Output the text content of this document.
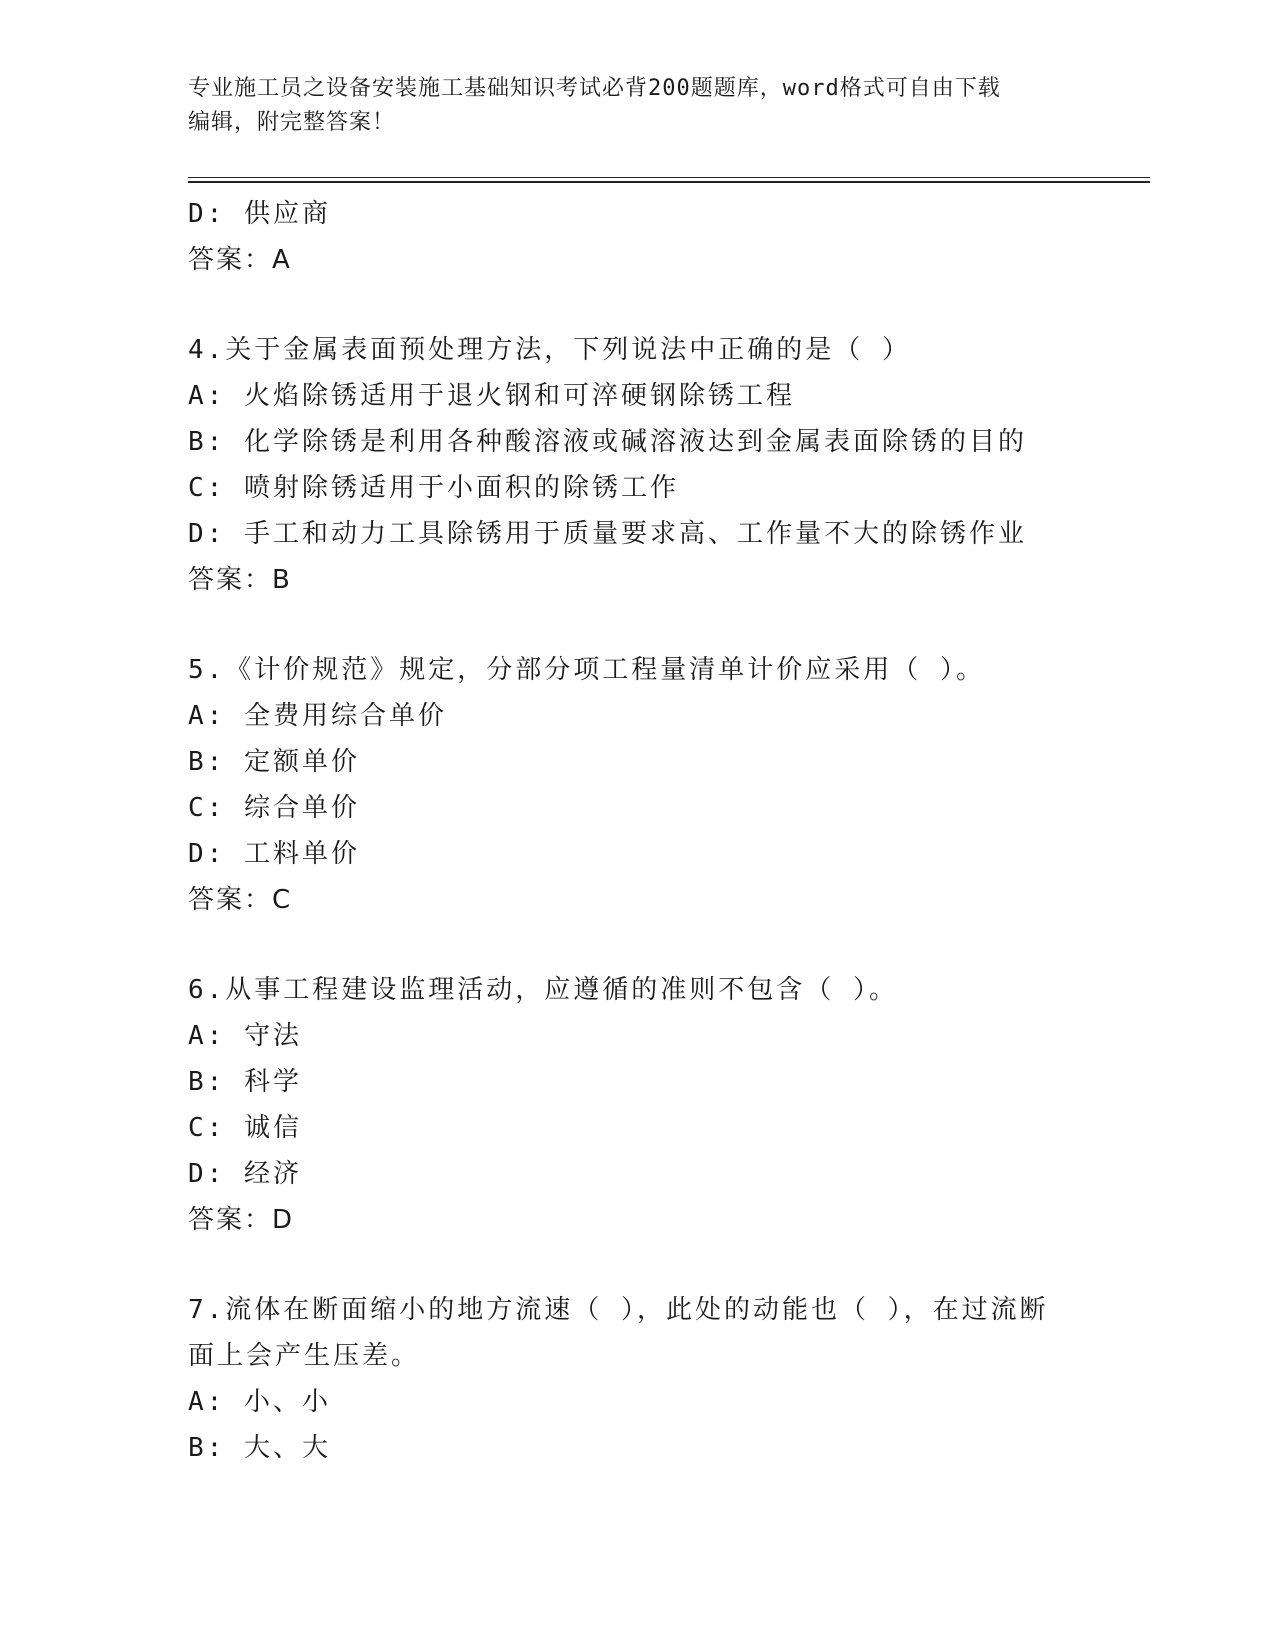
专业施工员之设备安装施工基础知识考试必背200题题库，word格式可自由下载
编辑，附完整答案！
D: 供应商
答案：A
4.关于金属表面预处理方法，下列说法中正确的是（ ）
A: 火焰除锈适用于退火钢和可淬硬钢除锈工程
B: 化学除锈是利用各种酸溶液或碱溶液达到金属表面除锈的目的
C: 喷射除锈适用于小面积的除锈工作
D: 手工和动力工具除锈用于质量要求高、工作量不大的除锈作业
答案：B
5.《计价规范》规定，分部分项工程量清单计价应采用（ ）。
A: 全费用综合单价
B: 定额单价
C: 综合单价
D: 工料单价
答案：C
6.从事工程建设监理活动，应遵循的准则不包含（ ）。
A: 守法
B: 科学
C: 诚信
D: 经济
答案：D
7.流体在断面缩小的地方流速（ ），此处的动能也（ ），在过流断
面上会产生压差。
A: 小、小
B: 大、大
